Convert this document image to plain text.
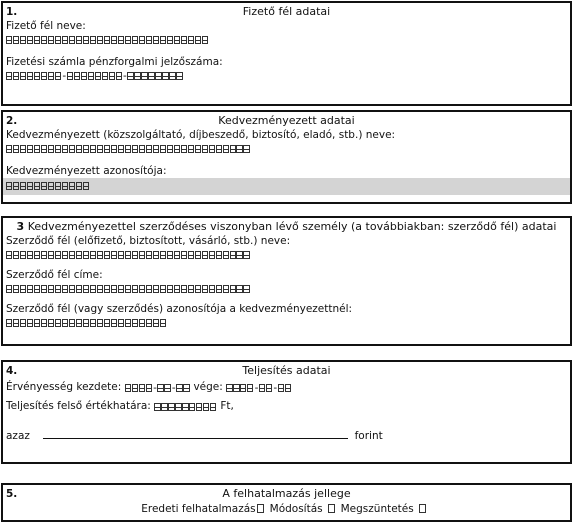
1.	Fizető fél adatai
Fizető fél neve:
Fizetési számla pénzforgalmi jelzőszáma:
-	-
2.	Kedvezményezett adatai
Kedvezményezett (közszolgáltató, díjbeszedő, biztosító, eladó, stb.) neve:
Kedvezményezett azonosítója:
3 Kedvezményezettel szerződéses viszonyban lévő személy (a továbbiakban: szerződő fél) adatai
Szerződő fél (előfizető, biztosított, vásárló, stb.) neve:
Szerződő fél címe:
Szerződő fél (vagy szerződés) azonosítója a kedvezményezettnél:
4.	Teljesítés adatai
Érvényesség kezdete:	- - vége:	- -
Teljesítés felső értékhatára:	Ft,
azaz	forint
5.	A felhatalmazás jellege
Eredeti felhatalmazás Módosítás Megszüntetés
